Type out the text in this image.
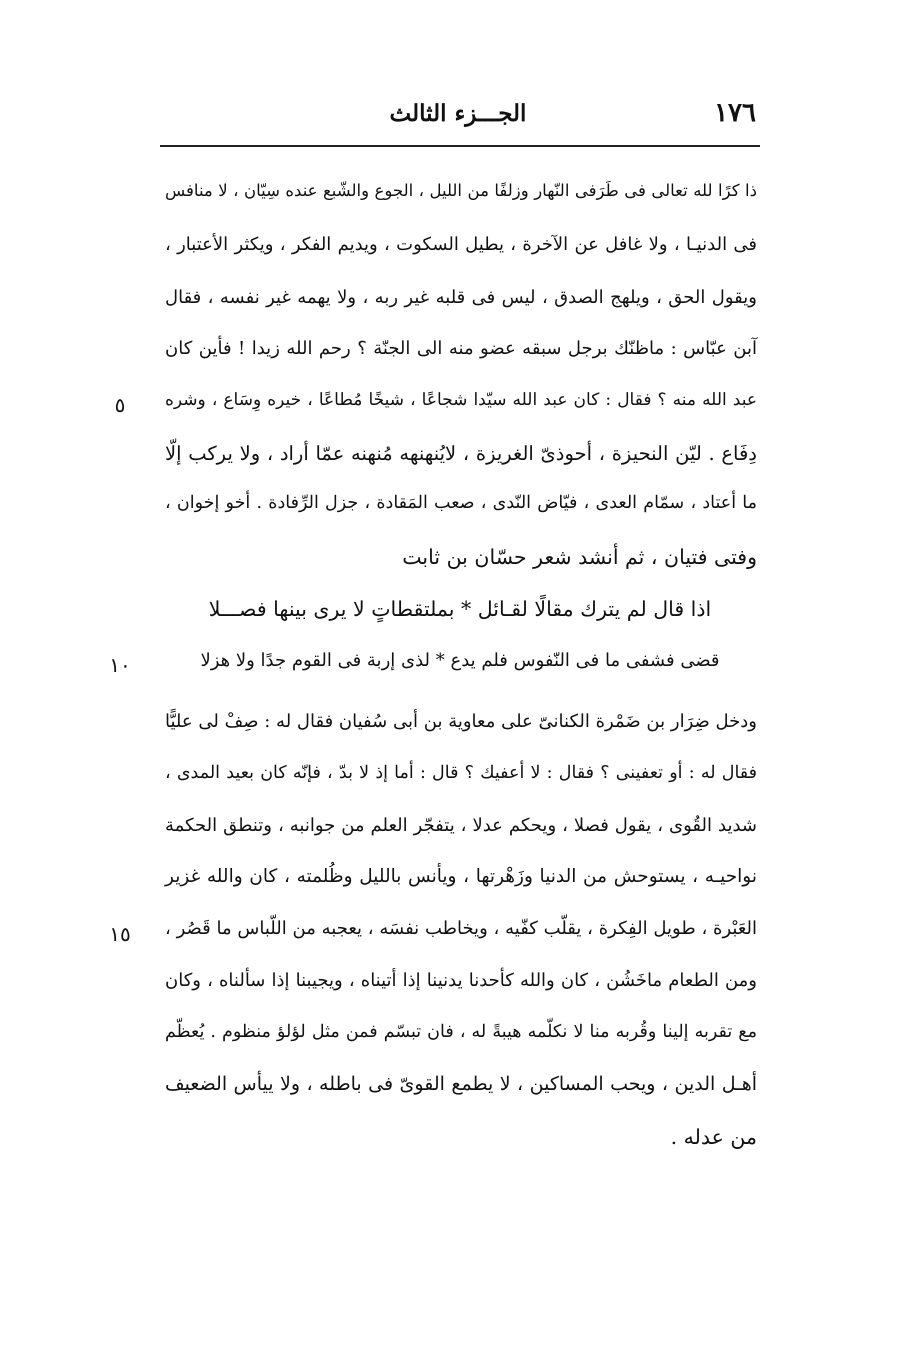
١٧٦
الجـــزء الثالث
ذا كرًا لله تعالى فى طَرَفى النّهار وزلفًا من الليل ، الجوع والشّبع عنده سِيّان ، لا منافس
فى الدنيـا ، ولا غافل عن الآخرة ، يطيل السكوت ، ويديم الفكر ، ويكثر الأعتبار ،
ويقول الحق ، ويلهج الصدق ، ليس فى قلبه غير ربه ، ولا يهمه غير نفسه ، فقال
آبن عبّاس : ماظنّك برجل سبقه عضو منه الى الجنّة ؟ رحم الله زيدا ! فأين كان
عبد الله منه ؟ فقال : كان عبد الله سيّدا شجاعًا ، شيخًا مُطاعًا ، خيره وِسَاع ، وشره
دِفَاع . ليّن النحيزة ، أحوذىّ الغريزة ، لايُنهنهه مُنهنه عمّا أراد ، ولا يركب إلّا
ما أعتاد ، سمّام العدى ، فيّاض النّدى ، صعب المَقادة ، جزل الرِّفادة . أخو إخوان ،
وفتى فتيان ، ثم أنشد شعر حسّان بن ثابت
اذا قال لم يترك مقالًا لقـائل * بملتقطاتٍ لا يرى بينها فصـــلا
قضى فشفى ما فى النّفوس فلم يدع * لذى إربة فى القوم جدًا ولا هزلا
ودخل ضِرَار بن ضَمْرة الكنانىّ على معاوية بن أبى سُفيان فقال له : صِفْ لى عليًّا
فقال له : أو تعفينى ؟ فقال : لا أعفيك ؟ قال : أما إذ لا بدّ ، فإنّه كان بعيد المدى ،
شديد القُوى ، يقول فصلا ، ويحكم عدلا ، يتفجّر العلم من جوانبه ، وتنطق الحكمة
نواحيـه ، يستوحش من الدنيا وزَهْرتها ، ويأنس بالليل وظُلمته ، كان والله غزير
العَبْرة ، طويل الفِكرة ، يقلّب كفّيه ، ويخاطب نفسَه ، يعجبه من اللّباس ما قَصُر ،
ومن الطعام ماخَشُن ، كان والله كأحدنا يدنينا إذا أتيناه ، ويجيبنا إذا سألناه ، وكان
مع تقربه إلينا وقُربه منا لا نكلّمه هيبةً له ، فان تبسّم فمن مثل لؤلؤ منظوم . يُعظّم
أهـل الدين ، ويحب المساكين ، لا يطمع القوىّ فى باطله ، ولا ييأس الضعيف
من عدله .
٥
١٠
١٥
